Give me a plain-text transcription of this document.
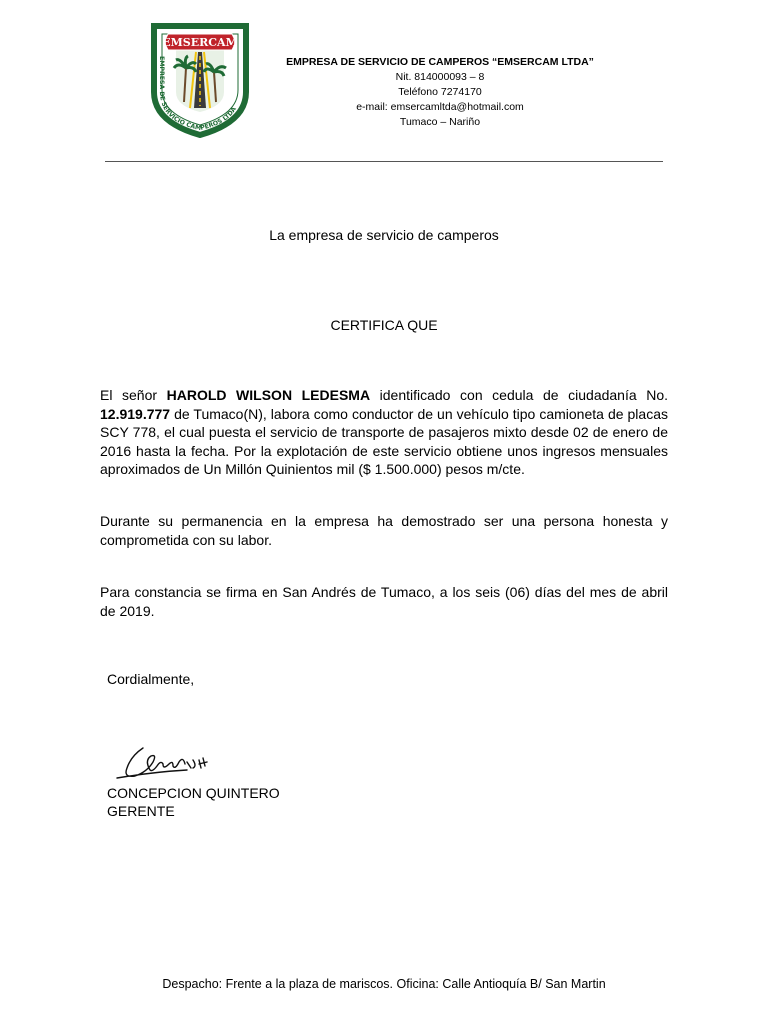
EMSERCAM
EMPRESA DE SERVICIO CAMPEROS LTDA
EMPRESA DE SERVICIO DE CAMPEROS “EMSERCAM LTDA”
Nit. 814000093 – 8
Teléfono 7274170
e-mail: emsercamltda@hotmail.com
Tumaco – Nariño
La empresa de servicio de camperos
CERTIFICA QUE
El señor HAROLD WILSON LEDESMA identificado con cedula de ciudadanía No. 12.919.777 de Tumaco(N), labora como conductor de un vehículo tipo camioneta de placas SCY 778, el cual puesta el servicio de transporte de pasajeros mixto desde 02 de enero de 2016 hasta la fecha. Por la explotación de este servicio obtiene unos ingresos mensuales aproximados de Un Millón Quinientos mil ($ 1.500.000) pesos m/cte.
Durante su permanencia en la empresa ha demostrado ser una persona honesta y comprometida con su labor.
Para constancia se firma en San Andrés de Tumaco, a los seis (06) días del mes de abril de 2019.
Cordialmente,
CONCEPCION QUINTERO
GERENTE
Despacho: Frente a la plaza de mariscos. Oficina: Calle Antioquía B/ San Martin
